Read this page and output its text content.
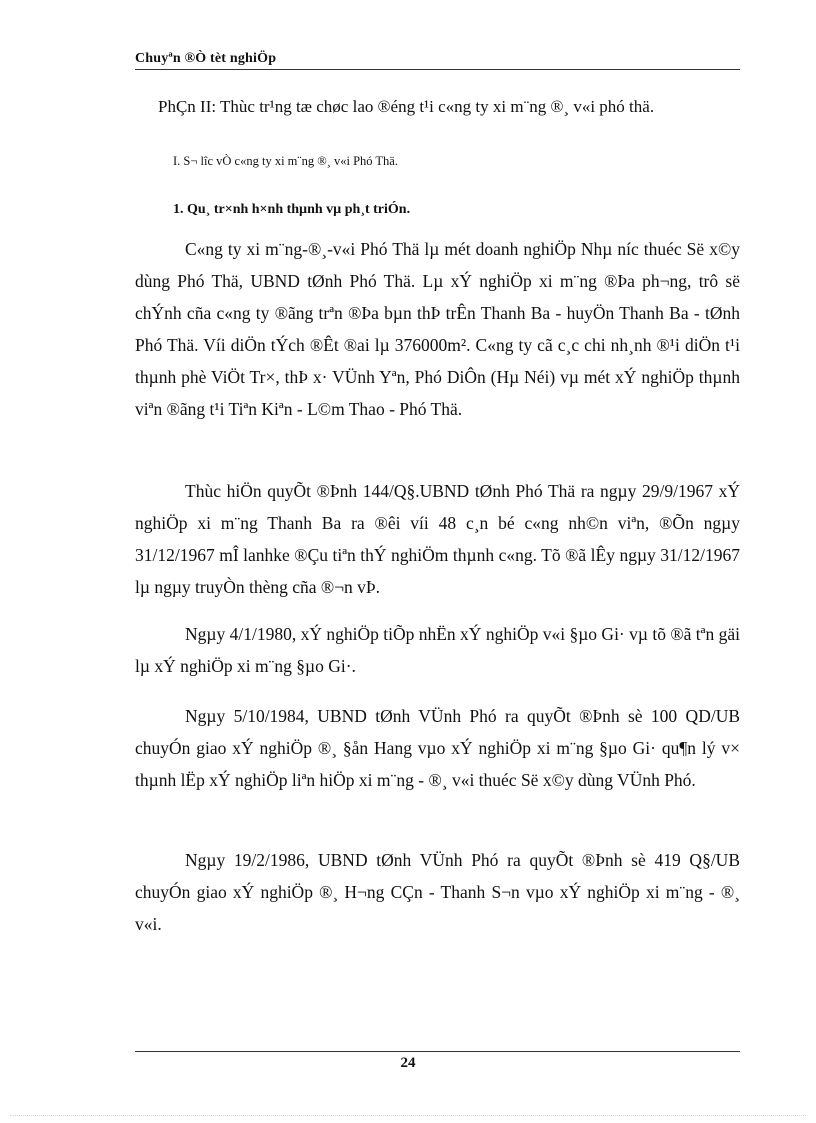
Chuyªn ®Ò tèt nghiÖp
PhÇn II: Thùc tr¹ng tæ chøc lao ®éng t¹i c«ng ty xi m¨ng ®¸ v«i phó thä.
I. S¬ lîc vÒ c«ng ty xi m¨ng ®¸ v«i Phó Thä.
1. Qu¸ tr×nh h×nh thµnh vµ ph¸t triÓn.

C«ng ty xi m¨ng-®¸-v«i Phó Thä lµ mét doanh nghiÖp Nhµ níc thuéc Së x©y dùng Phó Thä, UBND tØnh Phó Thä. Lµ xÝ nghiÖp xi m¨ng ®Þa ph¬ng, trô së chÝnh cña c«ng ty ®ãng trªn ®Þa bµn thÞ trÊn Thanh Ba - huyÖn Thanh Ba - tØnh Phó Thä. Víi diÖn tÝch ®Êt ®ai lµ 376000m². C«ng ty cã c¸c chi nh¸nh ®¹i diÖn t¹i thµnh phè ViÖt Tr×, thÞ x· VÜnh Yªn, Phó DiÔn (Hµ Néi) vµ mét xÝ nghiÖp thµnh viªn ®ãng t¹i Tiªn Kiªn - L©m Thao - Phó Thä.

Thùc hiÖn quyÕt ®Þnh 144/Q§.UBND tØnh Phó Thä ra ngµy 29/9/1967 xÝ nghiÖp xi m¨ng Thanh Ba ra ®êi víi 48 c¸n bé c«ng nh©n viªn, ®Õn ngµy 31/12/1967 mÎ lanhke ®Çu tiªn thÝ nghiÖm thµnh c«ng. Tõ ®ã lÊy ngµy 31/12/1967 lµ ngµy truyÒn thèng cña ®¬n vÞ.

Ngµy 4/1/1980, xÝ nghiÖp tiÕp nhËn xÝ nghiÖp v«i §µo Gi· vµ tõ ®ã tªn gäi lµ xÝ nghiÖp xi m¨ng §µo Gi·.

Ngµy 5/10/1984, UBND tØnh VÜnh Phó ra quyÕt ®Þnh sè 100 QD/UB chuyÓn giao xÝ nghiÖp ®¸ §ån Hang vµo xÝ nghiÖp xi m¨ng §µo Gi· qu¶n lý v× thµnh lËp xÝ nghiÖp liªn hiÖp xi m¨ng - ®¸ v«i thuéc Së x©y dùng VÜnh Phó.

Ngµy 19/2/1986, UBND tØnh VÜnh Phó ra quyÕt ®Þnh sè 419 Q§/UB chuyÓn giao xÝ nghiÖp ®¸ H¬ng CÇn - Thanh S¬n vµo xÝ nghiÖp xi m¨ng - ®¸ v«i.

24
